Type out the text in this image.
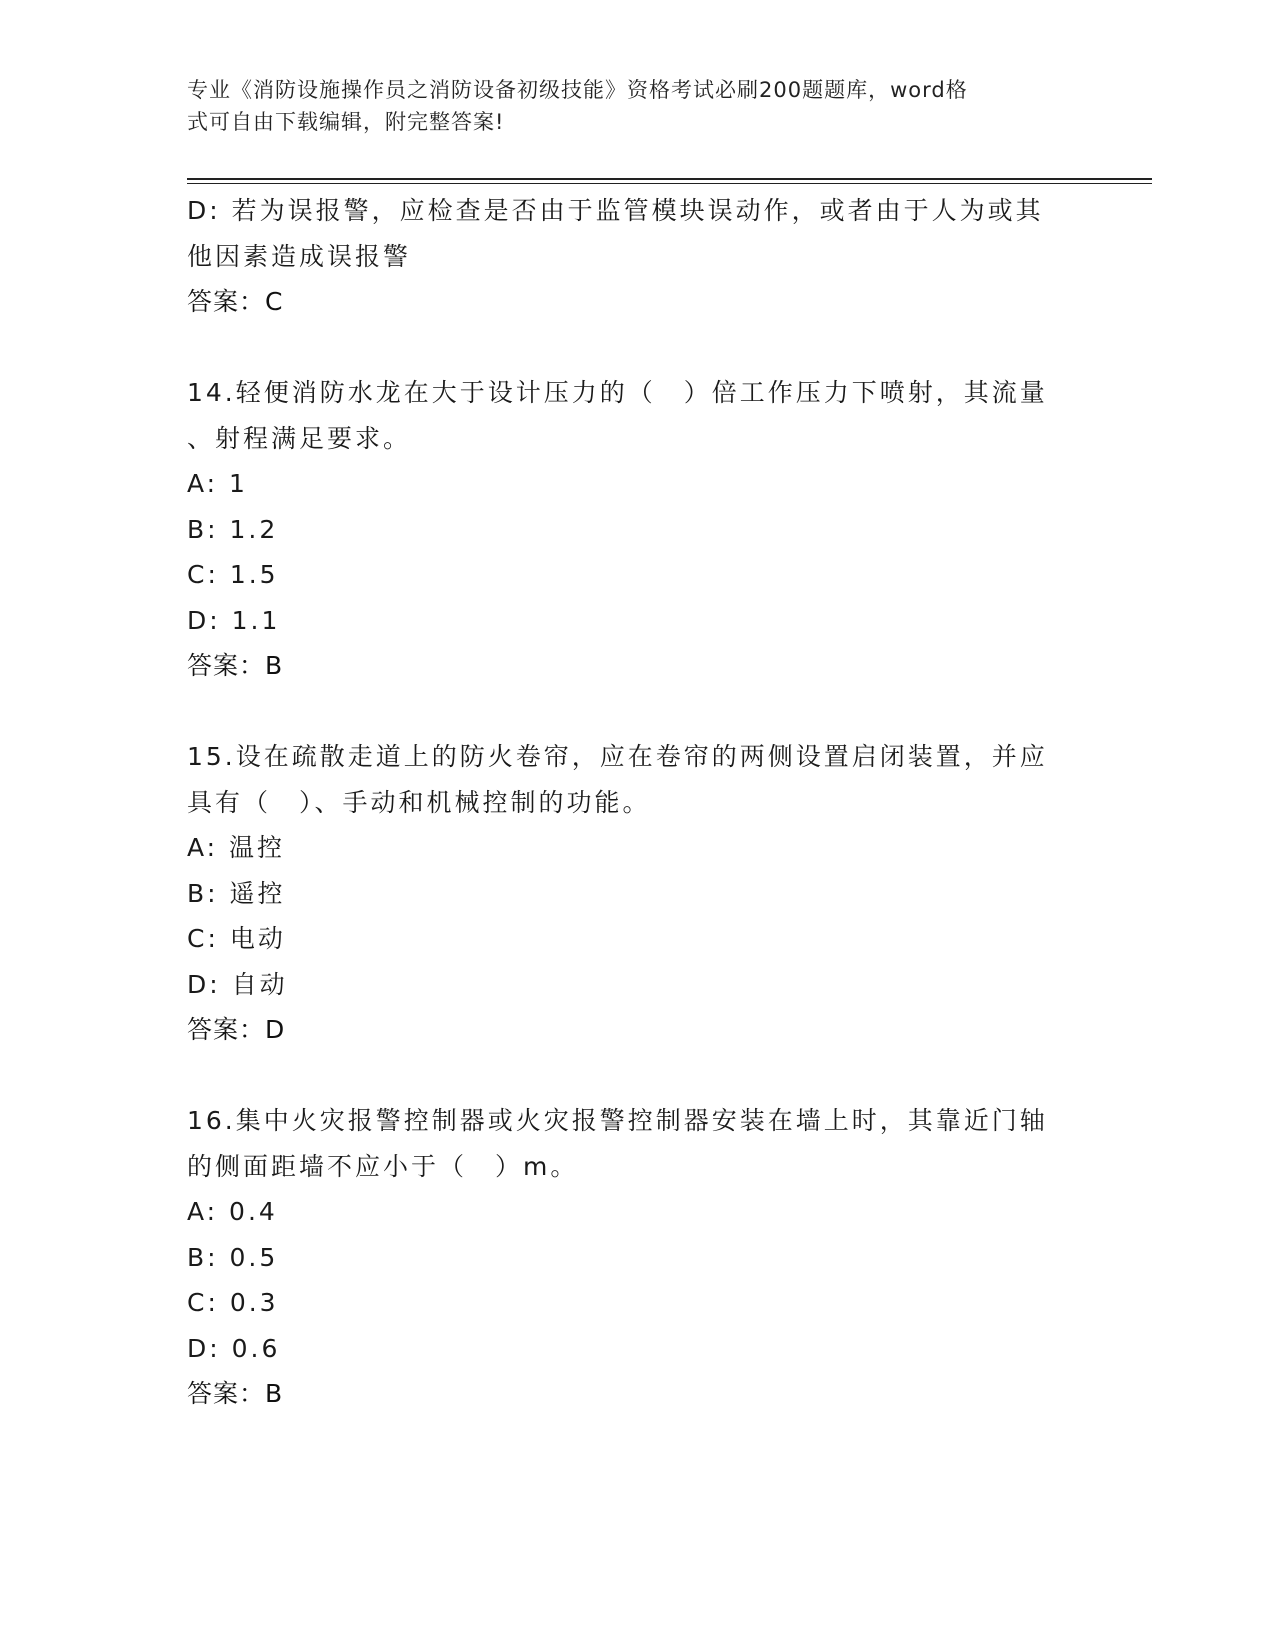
专业《消防设施操作员之消防设备初级技能》资格考试必刷200题题库，word格
式可自由下载编辑，附完整答案!
D: 若为误报警，应检查是否由于监管模块误动作，或者由于人为或其
他因素造成误报警
答案：C
14.轻便消防水龙在大于设计压力的（　）倍工作压力下喷射，其流量
、射程满足要求。
A: 1
B: 1.2
C: 1.5
D: 1.1
答案：B
15.设在疏散走道上的防火卷帘，应在卷帘的两侧设置启闭装置，并应
具有（　）、手动和机械控制的功能。
A: 温控
B: 遥控
C: 电动
D: 自动
答案：D
16.集中火灾报警控制器或火灾报警控制器安装在墙上时，其靠近门轴
的侧面距墙不应小于（　）m。
A: 0.4
B: 0.5
C: 0.3
D: 0.6
答案：B
